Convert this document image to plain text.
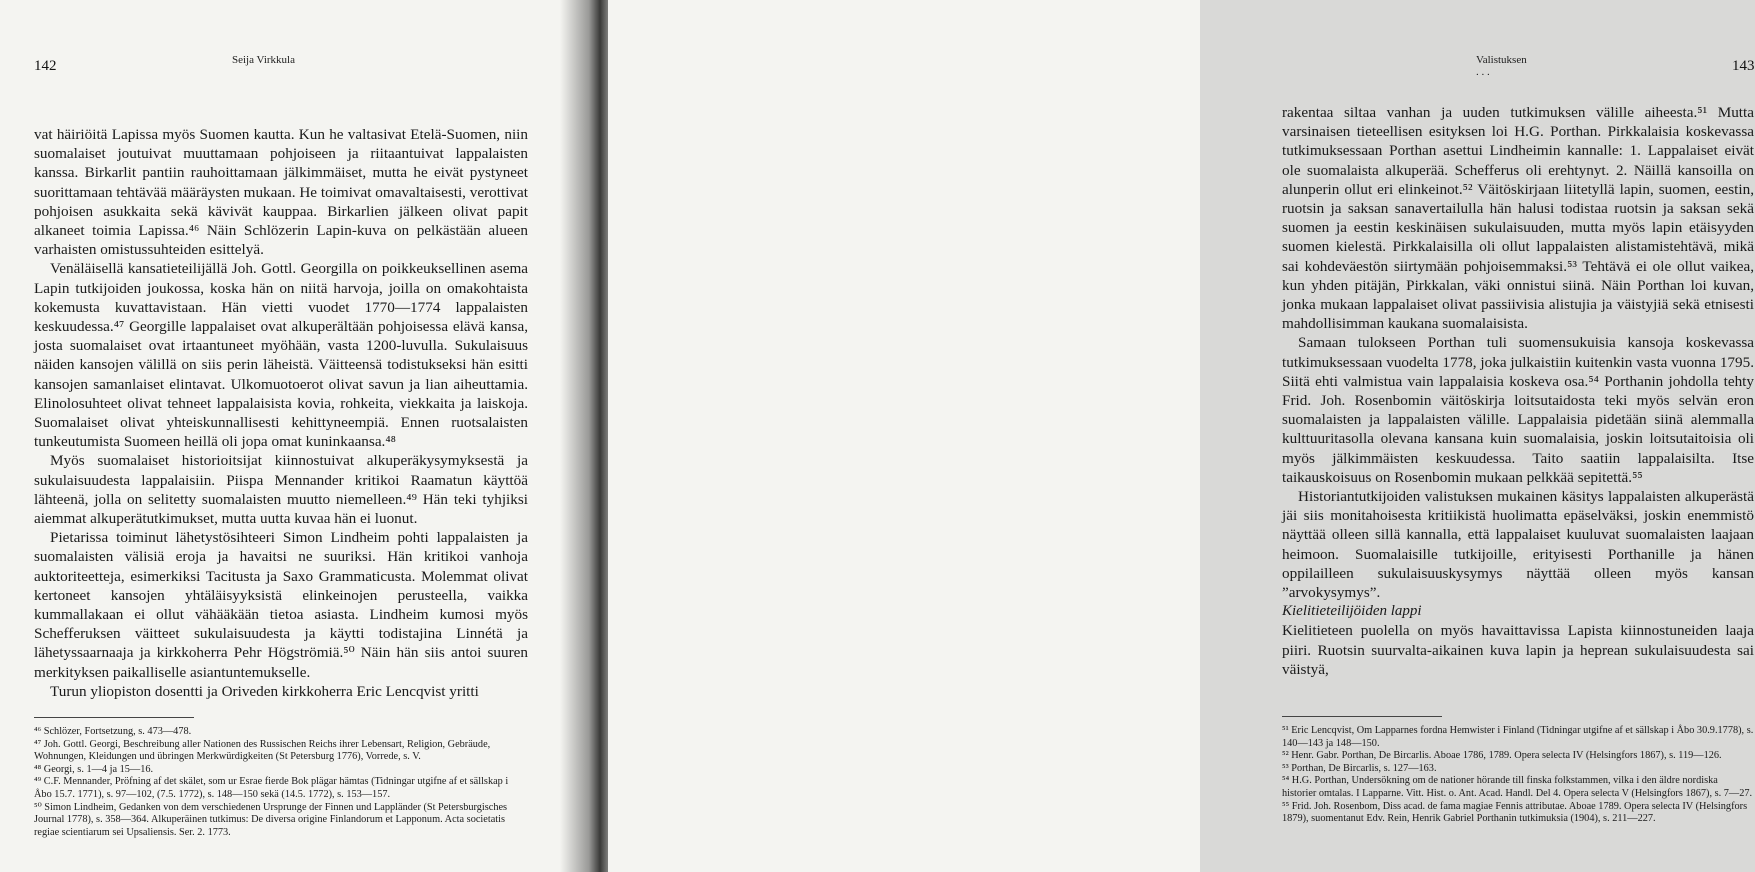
142	Seija Virkkula

vat häiriöitä Lapissa myös Suomen kautta. Kun he valtasivat Etelä-Suomen, niin suomalaiset joutuivat muuttamaan pohjoiseen ja riitaantuivat lappalaisten kanssa. Birkarlit pantiin rauhoittamaan jälkimmäiset, mutta he eivät pystyneet suorittamaan tehtävää määräysten mukaan. He toimivat omavaltaisesti, verottivat pohjoisen asukkaita sekä kävivät kauppaa. Birkarlien jälkeen olivat papit alkaneet toimia Lapissa.⁴⁶ Näin Schlözerin Lapin-kuva on pelkästään alueen varhaisten omistussuhteiden esittelyä.

Venäläisellä kansatieteilijällä Joh. Gottl. Georgilla on poikkeuksellinen asema Lapin tutkijoiden joukossa, koska hän on niitä harvoja, joilla on omakohtaista kokemusta kuvattavistaan. Hän vietti vuodet 1770—1774 lappalaisten keskuudessa.⁴⁷ Georgille lappalaiset ovat alkuperältään pohjoisessa elävä kansa, josta suomalaiset ovat irtaantuneet myöhään, vasta 1200-luvulla. Sukulaisuus näiden kansojen välillä on siis perin läheistä. Väitteensä todistukseksi hän esitti kansojen samanlaiset elintavat. Ulkomuotoerot olivat savun ja lian aiheuttamia. Elinolosuhteet olivat tehneet lappalaisista kovia, rohkeita, viekkaita ja laiskoja. Suomalaiset olivat yhteiskunnallisesti kehittyneempiä. Ennen ruotsalaisten tunkeutumista Suomeen heillä oli jopa omat kuninkaansa.⁴⁸

Myös suomalaiset historioitsijat kiinnostuivat alkuperäkysymyksestä ja sukulaisuudesta lappalaisiin. Piispa Mennander kritikoi Raamatun käyttöä lähteenä, jolla on selitetty suomalaisten muutto niemelleen.⁴⁹ Hän teki tyhjiksi aiemmat alkuperätutkimukset, mutta uutta kuvaa hän ei luonut.

Pietarissa toiminut lähetystösihteeri Simon Lindheim pohti lappalaisten ja suomalaisten välisiä eroja ja havaitsi ne suuriksi. Hän kritikoi vanhoja auktoriteetteja, esimerkiksi Tacitusta ja Saxo Grammaticusta. Molemmat olivat kertoneet kansojen yhtäläisyyksistä elinkeinojen perusteella, vaikka kummallakaan ei ollut vähääkään tietoa asiasta. Lindheim kumosi myös Schefferuksen väitteet sukulaisuudesta ja käytti todistajina Linnétä ja lähetyssaarnaaja ja kirkkoherra Pehr Högströmiä.⁵⁰ Näin hän siis antoi suuren merkityksen paikalliselle asiantuntemukselle.

Turun yliopiston dosentti ja Oriveden kirkkoherra Eric Lencqvist yritti

⁴⁶ Schlözer, Fortsetzung, s. 473—478.
⁴⁷ Joh. Gottl. Georgi, Beschreibung aller Nationen des Russischen Reichs ihrer Lebensart, Religion, Gebräude, Wohnungen, Kleidungen und übringen Merkwürdigkeiten (St Petersburg 1776), Vorrede, s. V.
⁴⁸ Georgi, s. 1—4 ja 15—16.
⁴⁹ C.F. Mennander, Pröfning af det skälet, som ur Esrae fierde Bok plägar hämtas (Tidningar utgifne af et sällskap i Åbo 15.7. 1771), s. 97—102, (7.5. 1772), s. 148—150 sekä (14.5. 1772), s. 153—157.
⁵⁰ Simon Lindheim, Gedanken von dem verschiedenen Ursprunge der Finnen und Lappländer (St Petersburgisches Journal 1778), s. 358—364. Alkuperäinen tutkimus: De diversa origine Finlandorum et Lapponum. Acta societatis regiae scientiarum sei Upsaliensis. Ser. 2. 1773.
143
Valistuksen . . .

rakentaa siltaa vanhan ja uuden tutkimuksen välille aiheesta.⁵¹ Mutta varsinaisen tieteellisen esityksen loi H.G. Porthan. Pirkkalaisia koskevassa tutkimuksessaan Porthan asettui Lindheimin kannalle: 1. Lappalaiset eivät ole suomalaista alkuperää. Schefferus oli erehtynyt. 2. Näillä kansoilla on alunperin ollut eri elinkeinot.⁵² Väitöskirjaan liitetyllä lapin, suomen, eestin, ruotsin ja saksan sanavertailulla hän halusi todistaa ruotsin ja saksan sekä suomen ja eestin keskinäisen sukulaisuuden, mutta myös lapin etäisyyden suomen kielestä. Pirkkalaisilla oli ollut lappalaisten alistamistehtävä, mikä sai kohdeväestön siirtymään pohjoisemmaksi.⁵³ Tehtävä ei ole ollut vaikea, kun yhden pitäjän, Pirkkalan, väki onnistui siinä. Näin Porthan loi kuvan, jonka mukaan lappalaiset olivat passiivisia alistujia ja väistyjiä sekä etnisesti mahdollisimman kaukana suomalaisista.

Samaan tulokseen Porthan tuli suomensukuisia kansoja koskevassa tutkimuksessaan vuodelta 1778, joka julkaistiin kuitenkin vasta vuonna 1795. Siitä ehti valmistua vain lappalaisia koskeva osa.⁵⁴ Porthanin johdolla tehty Frid. Joh. Rosenbomin väitöskirja loitsutaidosta teki myös selvän eron suomalaisten ja lappalaisten välille. Lappalaisia pidetään siinä alemmalla kulttuuritasolla olevana kansana kuin suomalaisia, joskin loitsutaitoisia oli myös jälkimmäisten keskuudessa. Taito saatiin lappalaisilta. Itse taikauskoisuus on Rosenbomin mukaan pelkkää sepitettä.⁵⁵

Historiantutkijoiden valistuksen mukainen käsitys lappalaisten alkuperästä jäi siis monitahoisesta kritiikistä huolimatta epäselväksi, joskin enemmistö näyttää olleen sillä kannalla, että lappalaiset kuuluvat suomalaisten laajaan heimoon. Suomalaisille tutkijoille, erityisesti Porthanille ja hänen oppilailleen sukulaisuuskysymys näyttää olleen myös kansan ”arvokysymys”.

Kielitieteilijöiden lappi

Kielitieteen puolella on myös havaittavissa Lapista kiinnostuneiden laaja piiri. Ruotsin suurvalta-aikainen kuva lapin ja heprean sukulaisuudesta sai väistyä,

⁵¹ Eric Lencqvist, Om Lapparnes fordna Hemwister i Finland (Tidningar utgifne af et sällskap i Åbo 30.9.1778), s. 140—143 ja 148—150.
⁵² Henr. Gabr. Porthan, De Bircarlis. Aboae 1786, 1789. Opera selecta IV (Helsingfors 1867), s. 119—126.
⁵³ Porthan, De Bircarlis, s. 127—163.
⁵⁴ H.G. Porthan, Undersökning om de nationer hörande till finska folkstammen, vilka i den äldre nordiska historier omtalas. I Lapparne. Vitt. Hist. o. Ant. Acad. Handl. Del 4. Opera selecta V (Helsingfors 1867), s. 7—27.
⁵⁵ Frid. Joh. Rosenbom, Diss acad. de fama magiae Fennis attributae. Aboae 1789. Opera selecta IV (Helsingfors 1879), suomentanut Edv. Rein, Henrik Gabriel Porthanin tutkimuksia (1904), s. 211—227.
